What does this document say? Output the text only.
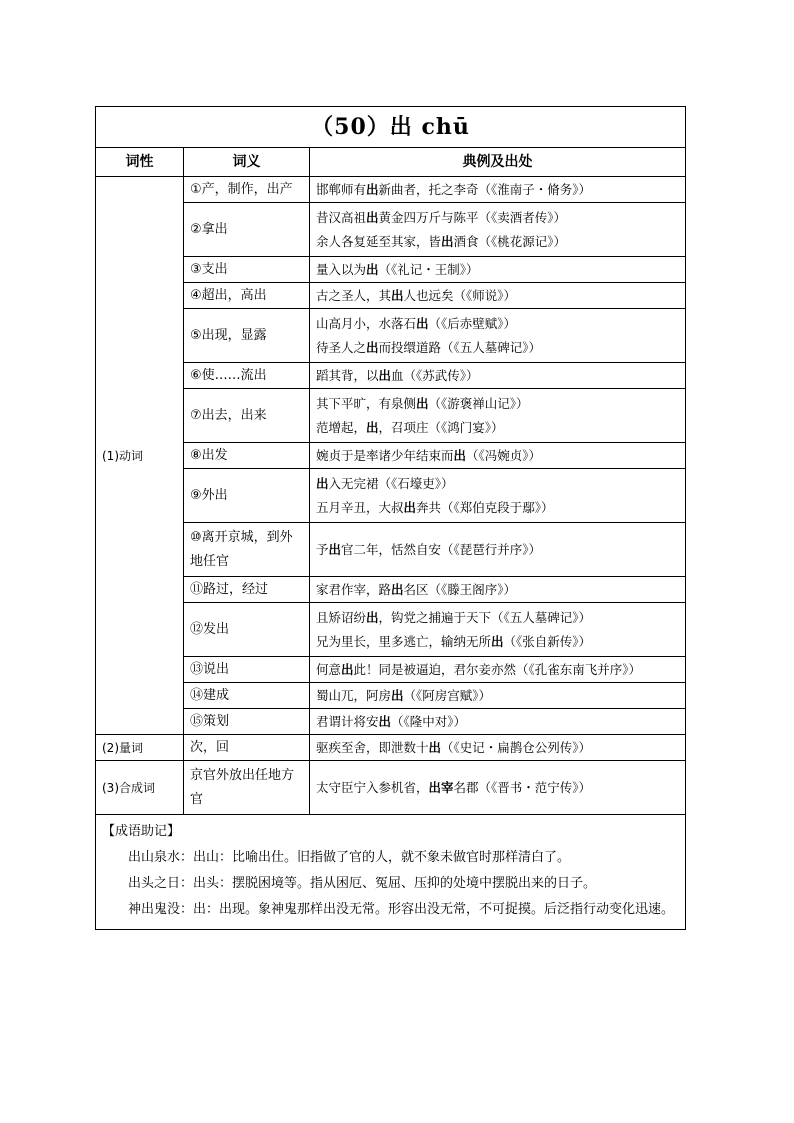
（50）出 chū		
词性	词义	典例及出处
(1)动词	①产，制作，出产	邯郸师有出新曲者，托之李奇（《淮南子・脩务》）

	②拿出	昔汉高祖出黄金四万斤与陈平（《卖酒者传》）
余人各复延至其家，皆出酒食（《桃花源记》）

	③支出	量入以为出（《礼记・王制》）

	④超出，高出	古之圣人，其出人也远矣（《师说》）

	⑤出现，显露	山高月小，水落石出（《后赤壁赋》）
待圣人之出而投缳道路（《五人墓碑记》）

	⑥使……流出	蹈其背，以出血（《苏武传》）

	⑦出去，出来	其下平旷，有泉侧出（《游褒禅山记》）
范增起，出，召项庄（《鸿门宴》）

	⑧出发	婉贞于是率诸少年结束而出（《冯婉贞》）

	⑨外出	出入无完裙（《石壕吏》）
五月辛丑，大叔出奔共（《郑伯克段于鄢》）

	⑩离开京城，到外地任官	予出官二年，恬然自安（《琵琶行并序》）

	⑪路过，经过	家君作宰，路出名区（《滕王阁序》）

	⑫发出	且矫诏纷出，钩党之捕遍于天下（《五人墓碑记》）
兄为里长，里多逃亡，输纳无所出（《张自新传》）

	⑬说出	何意出此！同是被逼迫，君尔妾亦然（《孔雀东南飞并序》）

	⑭建成	蜀山兀，阿房出（《阿房宫赋》）

	⑮策划	君谓计将安出（《隆中对》）

(2)量词	次，回	驱疾至舍，即泄数十出（《史记・扁鹊仓公列传》）

(3)合成词	京官外放出任地方官	太守臣宁入参机省，出宰名郡（《晋书・范宁传》）

【成语助记】

出山泉水：出山：比喻出仕。旧指做了官的人，就不象未做官时那样清白了。

出头之日：出头：摆脱困境等。指从困厄、冤屈、压抑的处境中摆脱出来的日子。

神出鬼没：出：出现。象神鬼那样出没无常。形容出没无常，不可捉摸。后泛指行动变化迅速。		
